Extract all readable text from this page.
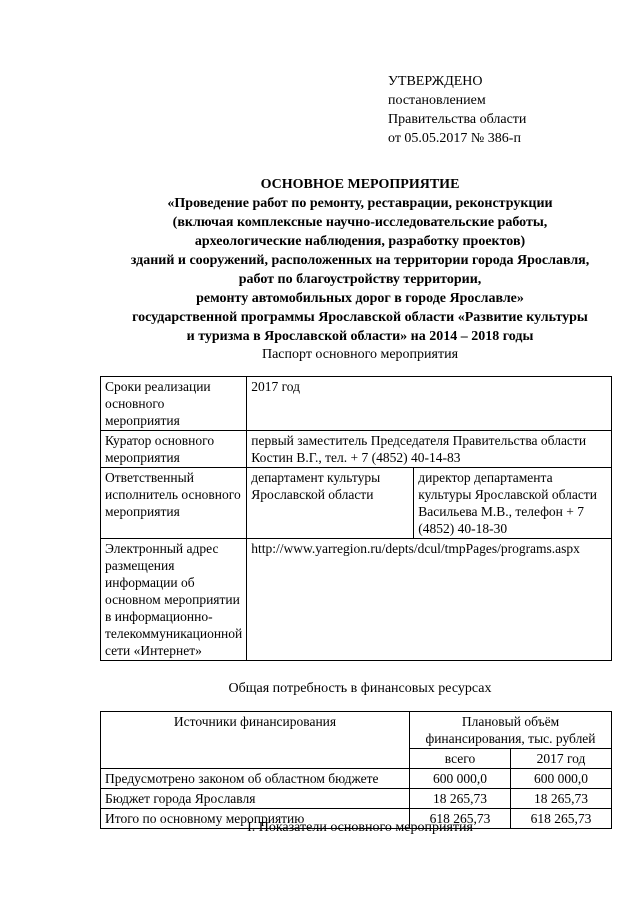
УТВЕРЖДЕНО
постановлением
Правительства области
от 05.05.2017 № 386-п
ОСНОВНОЕ МЕРОПРИЯТИЕ
«Проведение работ по ремонту, реставрации, реконструкции
(включая комплексные научно-исследовательские работы,
археологические наблюдения, разработку проектов)
зданий и сооружений, расположенных на территории города Ярославля,
работ по благоустройству территории,
ремонту автомобильных дорог в городе Ярославле»
государственной программы Ярославской области «Развитие культуры
и туризма в Ярославской области» на 2014 – 2018 годы
Паспорт основного мероприятия
Сроки реализации основного мероприятия	2017 год	
Куратор основного мероприятия	первый заместитель Председателя Правительства области Костин В.Г., тел. + 7 (4852) 40-14-83	
Ответственный исполнитель основного мероприятия	департамент культуры Ярославской области	директор департамента культуры Ярославской области Васильева М.В., телефон + 7 (4852) 40-18-30
Электронный адрес размещения информации об основном мероприятии в информационно-телекоммуникационной сети «Интернет»	http://www.yarregion.ru/depts/dcul/tmpPages/programs.aspx	
Общая потребность в финансовых ресурсах
Источники финансирования	Плановый объём финансирования, тыс. рублей	
	всего	2017 год
Предусмотрено законом об областном бюджете	600 000,0	600 000,0
Бюджет города Ярославля	18 265,73	18 265,73
Итого по основному мероприятию	618 265,73	618 265,73
I. Показатели основного мероприятия
